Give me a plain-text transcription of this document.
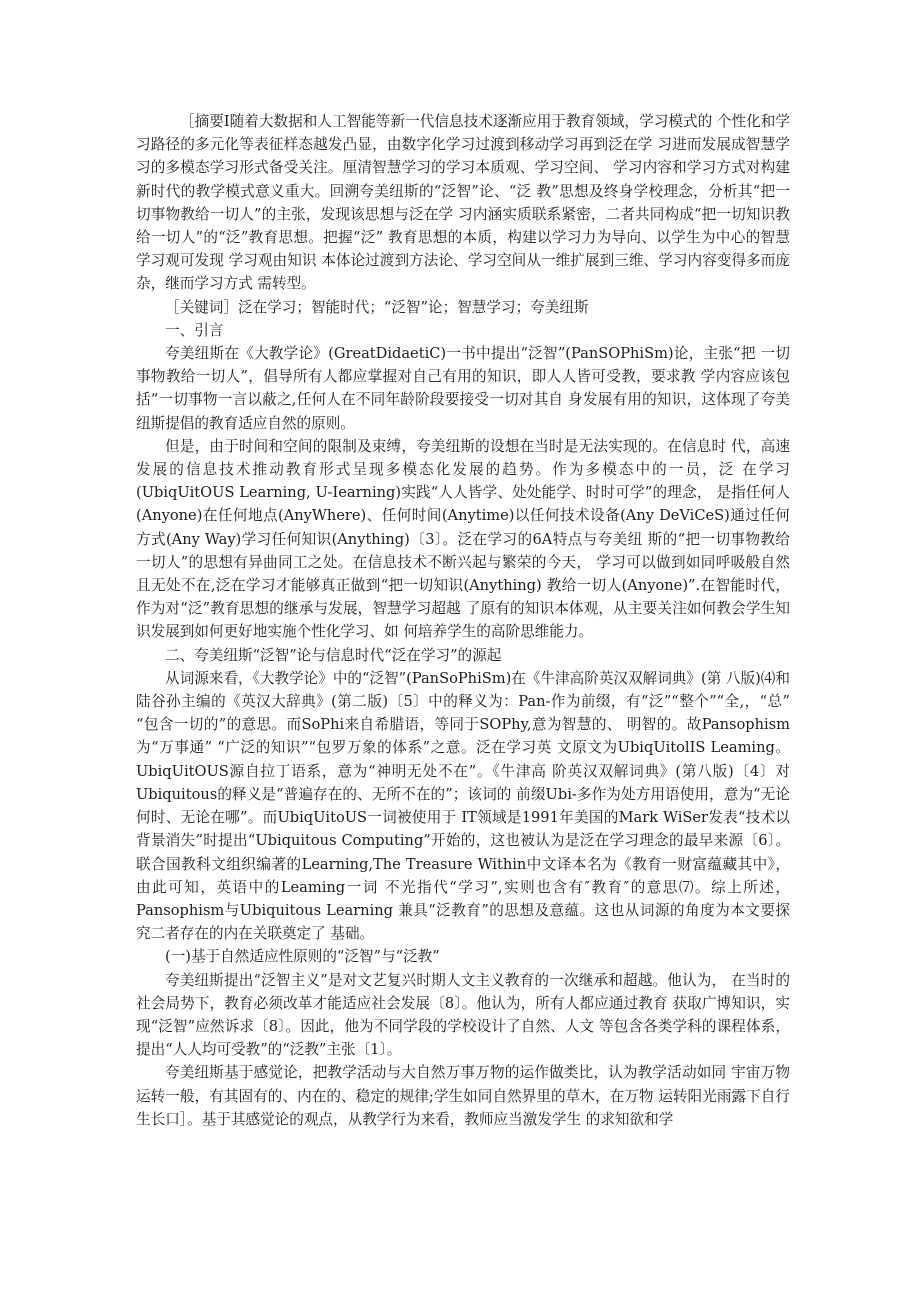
［摘要I随着大数据和人工智能等新一代信息技术逐渐应用于教育领域，学习模式的 个性化和学习路径的多元化等表征样态越发凸显，由数字化学习过渡到移动学习再到泛在学 习进而发展成智慧学习的多模态学习形式备受关注。厘清智慧学习的学习本质观、学习空间、 学习内容和学习方式对构建新时代的教学模式意义重大。回溯夸美纽斯的“泛智”论、“泛 教”思想及终身学校理念，分析其“把一切事物教给一切人”的主张，发现该思想与泛在学 习内涵实质联系紧密，二者共同构成“把一切知识教给一切人”的“泛”教育思想。把握“泛” 教育思想的本质，构建以学习力为导向、以学生为中心的智慧学习观可发现 学习观由知识 本体论过渡到方法论、学习空间从一维扩展到三维、学习内容变得多而庞杂，继而学习方式 需转型。

［关键词］泛在学习；智能时代；“泛智”论；智慧学习；夸美纽斯

一、引言

夸美纽斯在《大教学论》(GreatDidaetiC)一书中提出“泛智”(PanSOPhiSm)论，主张“把 一切事物教给一切人”，倡导所有人都应掌握对自己有用的知识，即人人皆可受教，要求教 学内容应该包括“一切事物一言以蔽之,任何人在不同年龄阶段要接受一切对其自 身发展有用的知识，这体现了夸美纽斯提倡的教育适应自然的原则。

但是，由于时间和空间的限制及束缚，夸美纽斯的设想在当时是无法实现的。在信息时 代，高速发展的信息技术推动教育形式呈现多模态化发展的趋势。作为多模态中的一员，泛 在学习(UbiqUitOUS Learning, U-Iearning)实践“人人皆学、处处能学、时时可学”的理念， 是指任何人(Anyone)在任何地点(AnyWhere)、任何时间(Anytime)以任何技术设备(Any DeViCeS)通过任何方式(Any Way)学习任何知识(Anything)〔3〕。泛在学习的6A特点与夸美纽 斯的“把一切事物教给一切人”的思想有异曲同工之处。在信息技术不断兴起与繁荣的今天， 学习可以做到如同呼吸般自然且无处不在,泛在学习才能够真正做到“把一切知识(Anything) 教给一切人(Anyone)”.在智能时代，作为对“泛”教育思想的继承与发展，智慧学习超越 了原有的知识本体观，从主要关注如何教会学生知识发展到如何更好地实施个性化学习、如 何培养学生的高阶思维能力。

二、夸美纽斯“泛智”论与信息时代“泛在学习”的源起

从词源来看，《大教学论》中的“泛智”(PanSoPhiSm)在《牛津高阶英汉双解词典》(第 八版)⑷和陆谷孙主编的《英汉大辞典》(第二版)〔5〕中的释义为：Pan-作为前缀，有“泛”“整个”“全,，“总” “包含一切的”的意思。而SoPhi来自希腊语，等同于SOPhy,意为智慧的、 明智的。故Pansophism为“万事通” “广泛的知识”“包罗万象的体系”之意。泛在学习英 文原文为UbiqUitolIS Leaming。UbiqUitOUS源自拉丁语系，意为“神明无处不在”。《牛津高 阶英汉双解词典》(第八版)〔4〕对Ubiquitous的释义是“普遍存在的、无所不在的”；该词的 前缀Ubi-多作为处方用语使用，意为“无论何时、无论在哪”。而UbiqUitoUS一词被使用于 IT领域是1991年美国的Mark WiSer发表“技术以背景消失”时提出“Ubiquitous Computing”开始的，这也被认为是泛在学习理念的最早来源〔6〕。联合国教科文组织编著的Learning,The Treasure Within中文译本名为《教育一财富蕴藏其中》，由此可知，英语中的Leaming一词 不光指代“学习”,实则也含有″教育″的意思⑺。综上所述，Pansophism与Ubiquitous Learning 兼具“泛教育”的思想及意蕴。这也从词源的角度为本文要探究二者存在的内在关联奠定了 基础。

(一)基于自然适应性原则的“泛智”与“泛教”

夸美纽斯提出“泛智主义”是对文艺复兴时期人文主义教育的一次继承和超越。他认为， 在当时的社会局势下，教育必须改革才能适应社会发展〔8〕。他认为，所有人都应通过教育 获取广博知识，实现“泛智”应然诉求〔8〕。因此，他为不同学段的学校设计了自然、人文 等包含各类学科的课程体系，提出“人人均可受教”的“泛教”主张〔1〕。

夸美纽斯基于感觉论，把教学活动与大自然万事万物的运作做类比，认为教学活动如同 宇宙万物运转一般，有其固有的、内在的、稳定的规律;学生如同自然界里的草木，在万物 运转阳光雨露下自行生长口］。基于其感觉论的观点，从教学行为来看，教师应当激发学生 的求知欲和学
